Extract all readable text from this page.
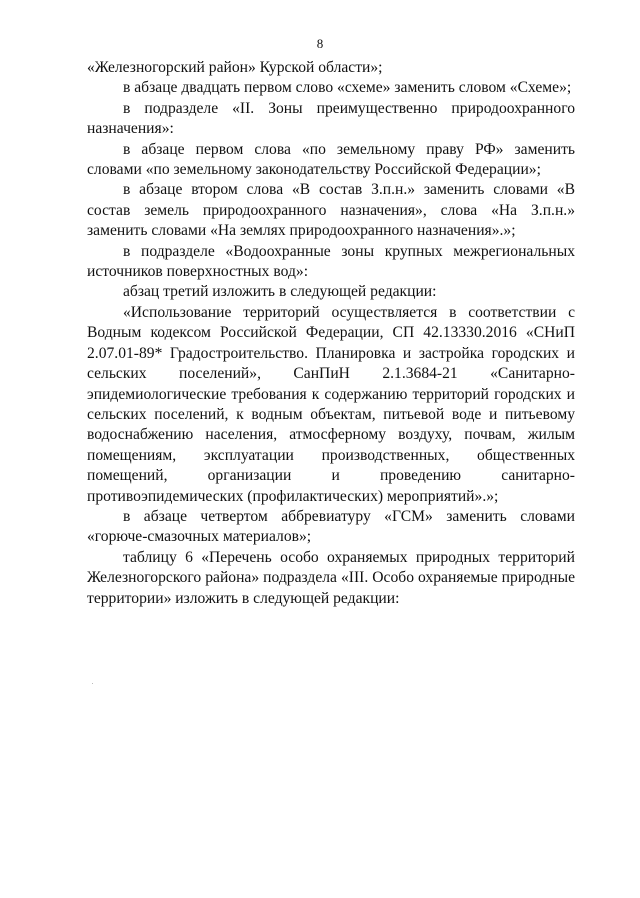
8

«Железногорский район» Курской области»;

в абзаце двадцать первом слово «схеме» заменить словом «Схеме»;

в подразделе «II. Зоны преимущественно природоохранного назначения»:

в абзаце первом слова «по земельному праву РФ» заменить словами «по земельному законодательству Российской Федерации»;

в абзаце втором слова «В состав З.п.н.» заменить словами «В состав земель природоохранного назначения», слова «На З.п.н.» заменить словами «На землях природоохранного назначения».»;

в подразделе «Водоохранные зоны крупных межрегиональных источников поверхностных вод»:

абзац третий изложить в следующей редакции:

«Использование территорий осуществляется в соответствии с Водным кодексом Российской Федерации, СП 42.13330.2016 «СНиП 2.07.01-89* Градостроительство. Планировка и застройка городских и сельских поселений», СанПиН 2.1.3684-21 «Санитарно-эпидемиологические требования к содержанию территорий городских и сельских поселений, к водным объектам, питьевой воде и питьевому водоснабжению населения, атмосферному воздуху, почвам, жилым помещениям, эксплуатации производственных, общественных помещений, организации и проведению санитарно-противоэпидемических (профилактических) мероприятий».»;

в абзаце четвертом аббревиатуру «ГСМ» заменить словами «горюче-смазочных материалов»;

таблицу 6 «Перечень особо охраняемых природных территорий Железногорского района» подраздела «III. Особо охраняемые природные территории» изложить в следующей редакции:
